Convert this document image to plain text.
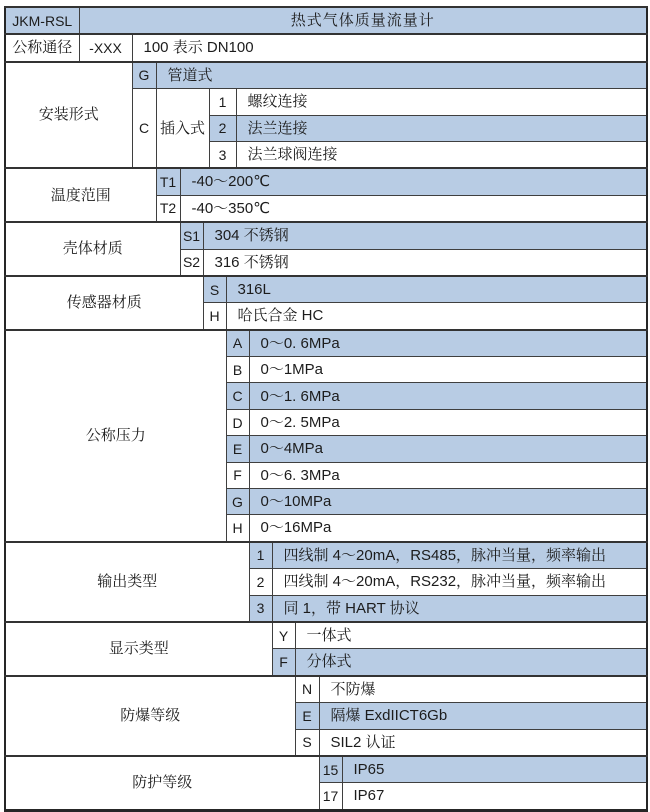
JKM-RSL	热式气体质量流量计												
公称通径	-XXX	100 表示 DN100											
安装形式		G	管道式										
		C	插入式			1		螺纹连接					
						2		法兰连接					
						3		法兰球阀连接					
温度范围			T1	-40～200℃									
			T2	-40～350℃									
壳体材质				S1	304 不锈钢								
				S2	316 不锈钢								
传感器材质					S		316L						
					H		哈氏合金 HC						
公称压力							A		0～0. 6MPa				
							B		0～1MPa				
							C		0～1. 6MPa				
							D		0～2. 5MPa				
							E		0～4MPa				
							F		0～6. 3MPa				
							G		0～10MPa				
							H		0～16MPa				
输出类型									1	四线制 4～20mA，RS485，脉冲当量，频率输出			
									2	四线制 4～20mA，RS232，脉冲当量，频率输出			
									3	同 1，带 HART 协议			
显示类型										Y	一体式		
										F	分体式		
防爆等级											N	不防爆	
											E	隔爆 ExdIICT6Gb	
											S	SIL2 认证	
防护等级												15	IP65
												17	IP67
